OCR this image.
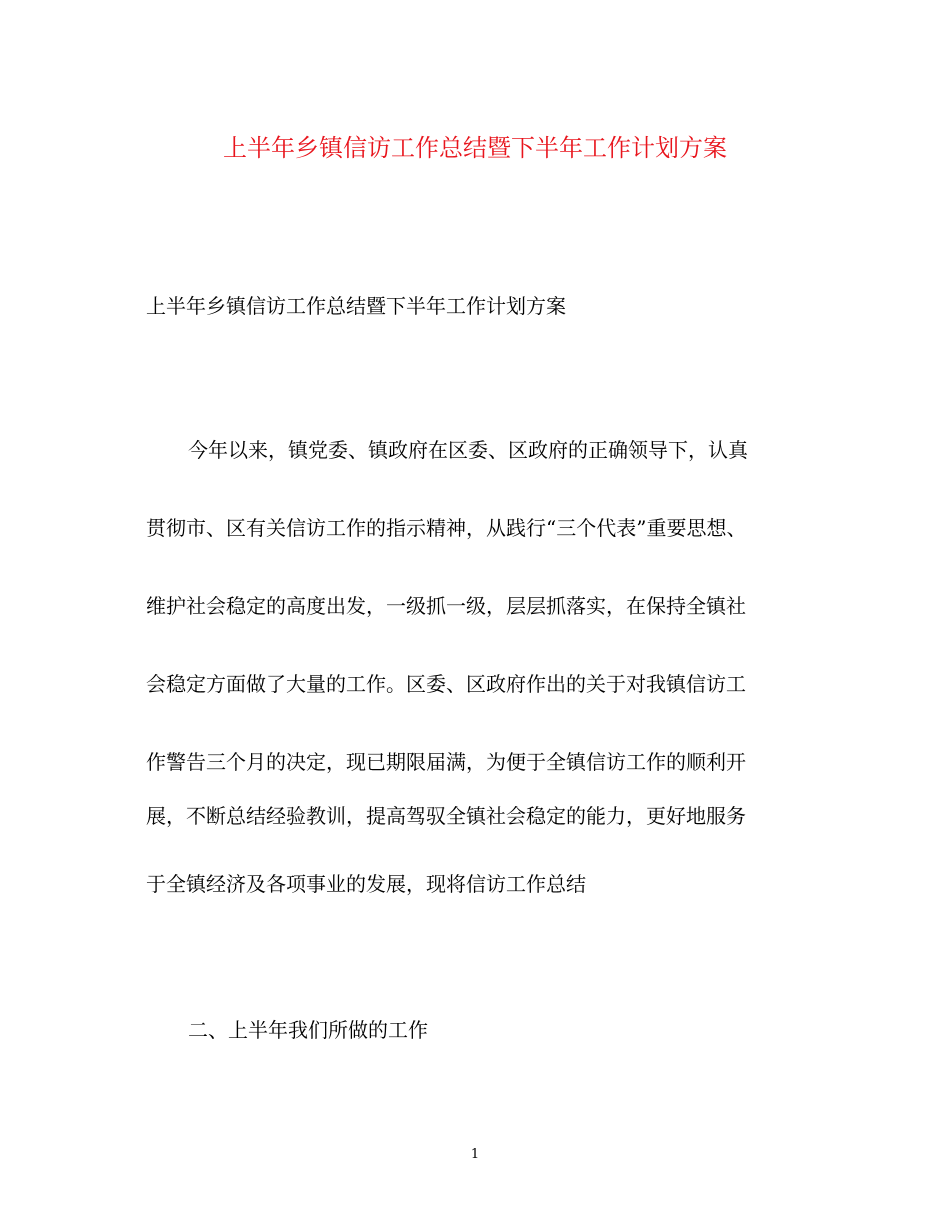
上半年乡镇信访工作总结暨下半年工作计划方案

上半年乡镇信访工作总结暨下半年工作计划方案

今年以来，镇党委、镇政府在区委、区政府的正确领导下，认真

贯彻市、区有关信访工作的指示精神，从践行“三个代表”重要思想、

维护社会稳定的高度出发，一级抓一级，层层抓落实，在保持全镇社

会稳定方面做了大量的工作。区委、区政府作出的关于对我镇信访工

作警告三个月的决定，现已期限届满，为便于全镇信访工作的顺利开

展，不断总结经验教训，提高驾驭全镇社会稳定的能力，更好地服务

于全镇经济及各项事业的发展，现将信访工作总结

二、上半年我们所做的工作

1
